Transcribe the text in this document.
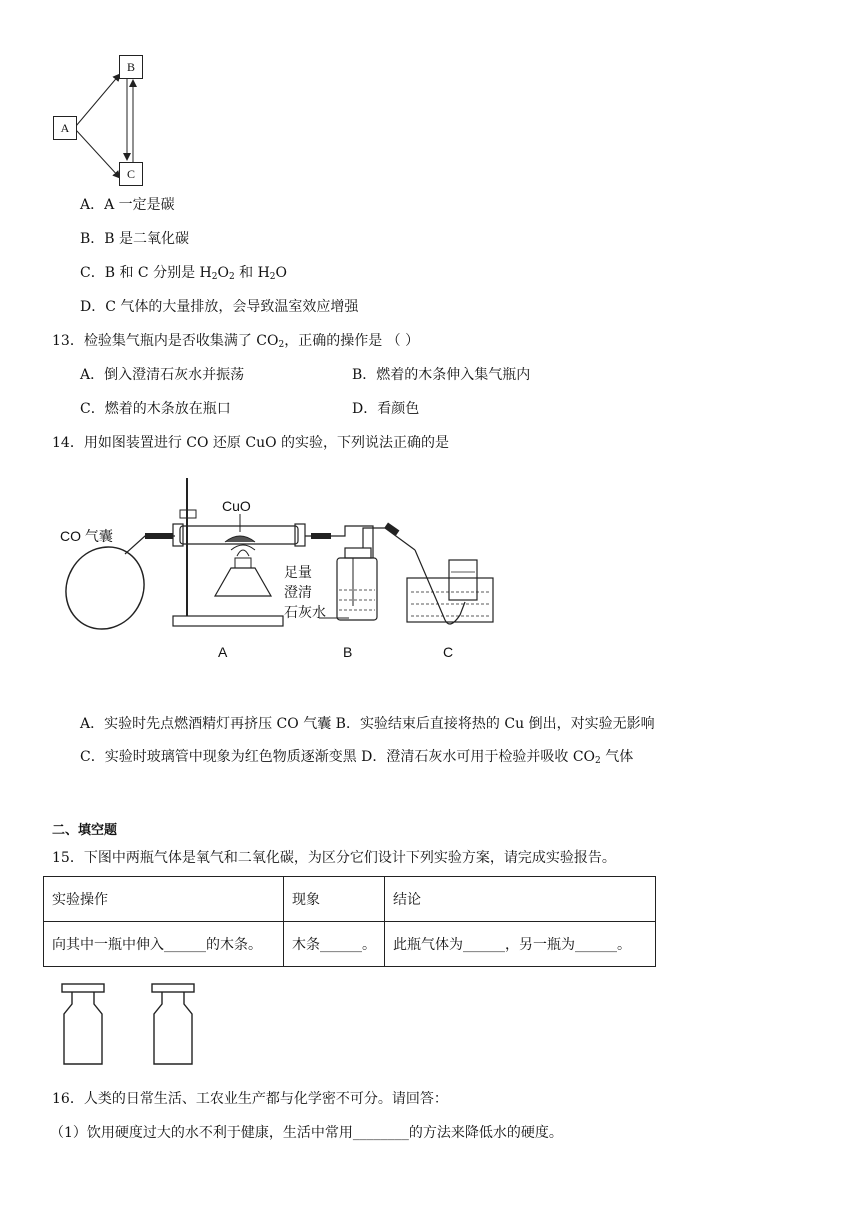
A
B
C
A．A 一定是碳
B．B 是二氧化碳
C．B 和 C 分别是 $H_2O_2$ 和 $H_2O$
D．C 气体的大量排放，会导致温室效应增强
13．检验集气瓶内是否收集满了 $CO_2$，正确的操作是 （ ）
A．倒入澄清石灰水并振荡	B．燃着的木条伸入集气瓶内
C．燃着的木条放在瓶口	D．看颜色
14．用如图装置进行 CO 还原 CuO 的实验，下列说法正确的是
CO 气囊
CuO
足量
澄清
石灰水
A	B	C
A．实验时先点燃酒精灯再挤压 CO 气囊 B．实验结束后直接将热的 Cu 倒出，对实验无影响
C．实验时玻璃管中现象为红色物质逐渐变黑 D．澄清石灰水可用于检验并吸收 $CO_2$ 气体
二、填空题
15．下图中两瓶气体是氧气和二氧化碳，为区分它们设计下列实验方案，请完成实验报告。
实验操作	现象	结论
向其中一瓶中伸入______的木条。	木条______。	此瓶气体为______，另一瓶为______。
16．人类的日常生活、工农业生产都与化学密不可分。请回答：
（1）饮用硬度过大的水不利于健康，生活中常用________的方法来降低水的硬度。
